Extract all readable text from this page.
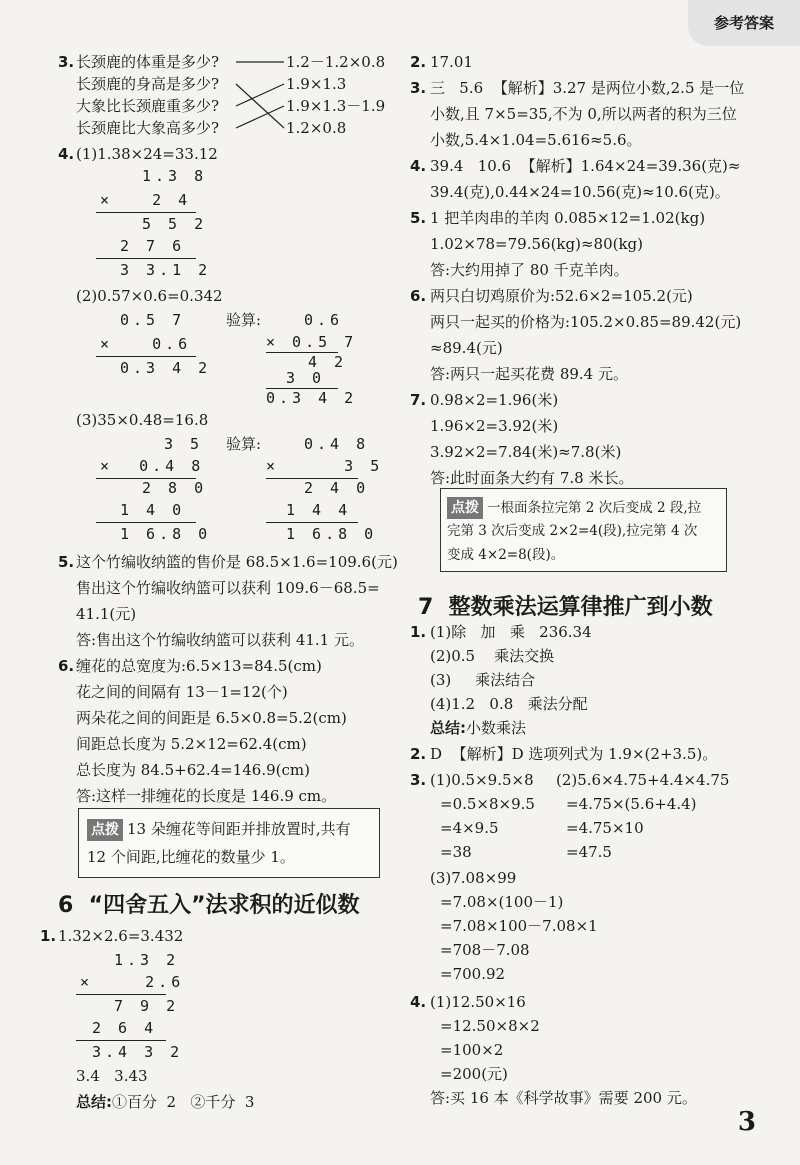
参考答案
3. 长颈鹿的体重是多少?
长颈鹿的身高是多少?
大象比长颈鹿重多少?
长颈鹿比大象高多少?
1.2－1.2×0.8
1.9×1.3
1.9×1.3－1.9
1.2×0.8
4. (1)1.38×24=33.12
1.3 8
×   2 4
5 5 2
2 7 6
3 3.1 2
(2)0.57×0.6=0.342
0.5 7
×   0.6
0.3 4 2
验算:	0.6
× 0.5 7
4 2
3 0
0.3 4 2
(3)35×0.48=16.8
3 5 验算:
×  0.4 8
2 8 0
1 4 0
1 6.8 0
0.4 8
×     3 5
2 4 0
1 4 4
1 6.8 0
5. 这个竹编收纳篮的售价是 68.5×1.6=109.6(元)
售出这个竹编收纳篮可以获利 109.6－68.5=
41.1(元)
答:售出这个竹编收纳篮可以获利 41.1 元。
6. 缠花的总宽度为:6.5×13=84.5(cm)
花之间的间隔有 13－1=12(个)
两朵花之间的间距是 6.5×0.8=5.2(cm)
间距总长度为 5.2×12=62.4(cm)
总长度为 84.5+62.4=146.9(cm)
答:这样一排缠花的长度是 146.9 cm。
点拨 13 朵缠花等间距并排放置时,共有
12 个间距,比缠花的数量少 1。
6 “四舍五入”法求积的近似数
1. 1.32×2.6=3.432
1.3 2
×    2.6
7 9 2
2 6 4
3.4 3 2
3.4   3.43
总结:①百分  2   ②千分  3
2. 17.01
3. 三   5.6  【解析】3.27 是两位小数,2.5 是一位
小数,且 7×5=35,不为 0,所以两者的积为三位
小数,5.4×1.04=5.616≈5.6。
4. 39.4   10.6  【解析】1.64×24=39.36(克)≈
39.4(克),0.44×24=10.56(克)≈10.6(克)。
5. 1 把羊肉串的羊肉 0.085×12=1.02(kg)
1.02×78=79.56(kg)≈80(kg)
答:大约用掉了 80 千克羊肉。
6. 两只白切鸡原价为:52.6×2=105.2(元)
两只一起买的价格为:105.2×0.85=89.42(元)
≈89.4(元)
答:两只一起买花费 89.4 元。
7. 0.98×2=1.96(米)
1.96×2=3.92(米)
3.92×2=7.84(米)≈7.8(米)
答:此时面条大约有 7.8 米长。
点拨 一根面条拉完第 2 次后变成 2 段,拉
完第 3 次后变成 2×2=4(段),拉完第 4 次
变成 4×2=8(段)。
7 整数乘法运算律推广到小数
1. (1)除   加   乘   236.34
(2)0.5    乘法交换
(3)     乘法结合
(4)1.2   0.8   乘法分配
总结:小数乘法
2. D  【解析】D 选项列式为 1.9×(2+3.5)。
3. (1)0.5×9.5×8
=0.5×8×9.5
=4×9.5
=38
(2)5.6×4.75+4.4×4.75
=4.75×(5.6+4.4)
=4.75×10
=47.5
(3)7.08×99
=7.08×(100－1)
=7.08×100－7.08×1
=708－7.08
=700.92
4. (1)12.50×16
=12.50×8×2
=100×2
=200(元)
答:买 16 本《科学故事》需要 200 元。
3
